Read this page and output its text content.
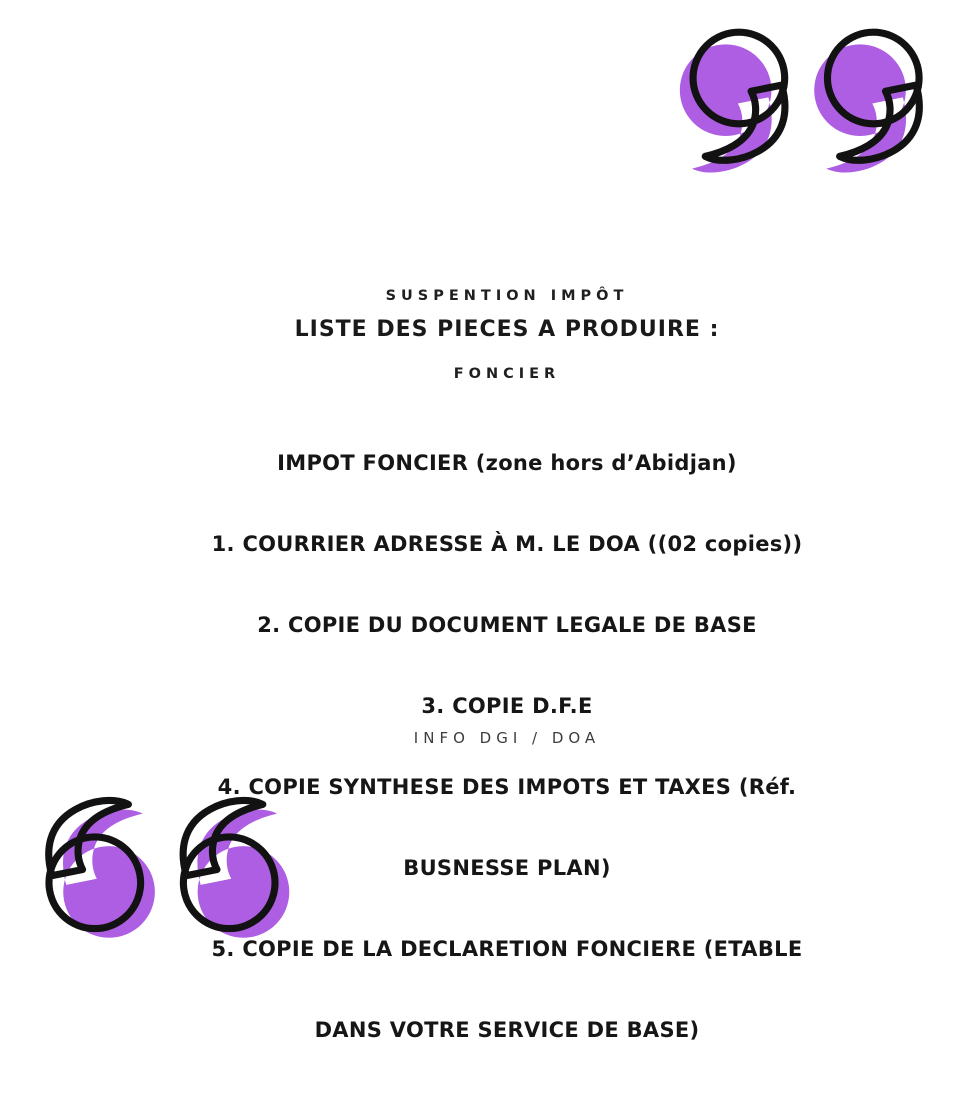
SUSPENTION IMPÔT

FONCIER

LISTE DES PIECES A PRODUIRE :

IMPOT FONCIER (zone hors d’Abidjan)

1. COURRIER ADRESSE À M. LE DOA ((02 copies))

2. COPIE DU DOCUMENT LEGALE DE BASE

3. COPIE D.F.E

4. COPIE SYNTHESE DES IMPOTS ET TAXES (Réf.

BUSNESSE PLAN)

5. COPIE DE LA DECLARETION FONCIERE (ETABLE

DANS VOTRE SERVICE DE BASE)

INFO DGI / DOA
